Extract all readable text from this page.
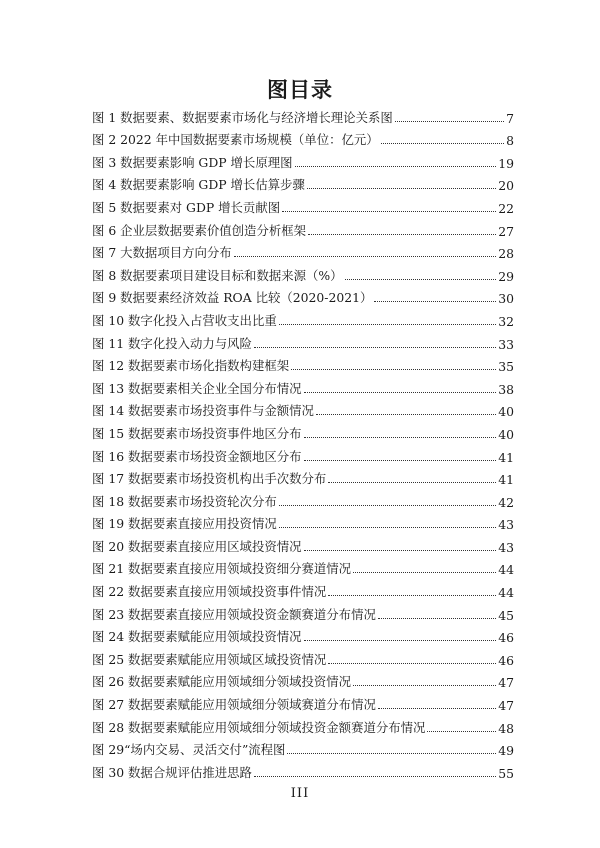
图目录
图 1 数据要素、数据要素市场化与经济增长理论关系图	7
图 2 2022 年中国数据要素市场规模（单位：亿元）	8
图 3 数据要素影响 GDP 增长原理图	19
图 4 数据要素影响 GDP 增长估算步骤	20
图 5 数据要素对 GDP 增长贡献图	22
图 6 企业层数据要素价值创造分析框架	27
图 7 大数据项目方向分布	28
图 8 数据要素项目建设目标和数据来源（%）	29
图 9 数据要素经济效益 ROA 比较（2020-2021）	30
图 10 数字化投入占营收支出比重	32
图 11 数字化投入动力与风险	33
图 12 数据要素市场化指数构建框架	35
图 13 数据要素相关企业全国分布情况	38
图 14 数据要素市场投资事件与金额情况	40
图 15 数据要素市场投资事件地区分布	40
图 16 数据要素市场投资金额地区分布	41
图 17 数据要素市场投资机构出手次数分布	41
图 18 数据要素市场投资轮次分布	42
图 19 数据要素直接应用投资情况	43
图 20 数据要素直接应用区域投资情况	43
图 21 数据要素直接应用领域投资细分赛道情况	44
图 22 数据要素直接应用领域投资事件情况	44
图 23 数据要素直接应用领域投资金额赛道分布情况	45
图 24 数据要素赋能应用领域投资情况	46
图 25 数据要素赋能应用领域区域投资情况	46
图 26 数据要素赋能应用领域细分领域投资情况	47
图 27 数据要素赋能应用领域细分领域赛道分布情况	47
图 28 数据要素赋能应用领域细分领域投资金额赛道分布情况	48
图 29“场内交易、灵活交付”流程图	49
图 30 数据合规评估推进思路	55
III
